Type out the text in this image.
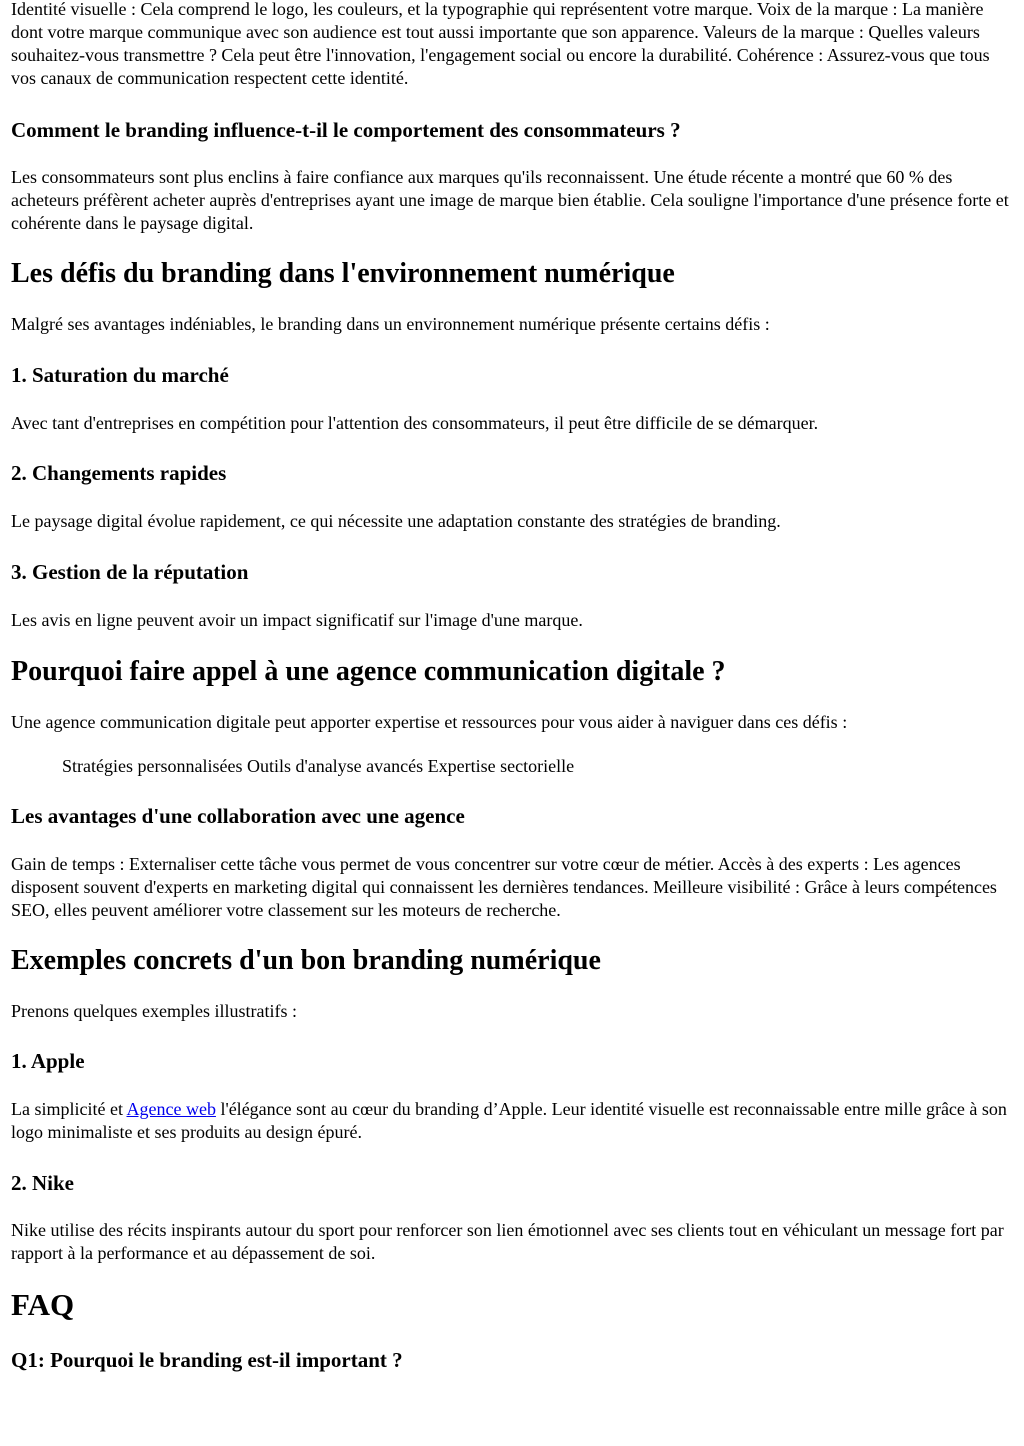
Identité visuelle : Cela comprend le logo, les couleurs, et la typographie qui représentent votre marque. Voix de la marque : La manière dont votre marque communique avec son audience est tout aussi importante que son apparence. Valeurs de la marque : Quelles valeurs souhaitez-vous transmettre ? Cela peut être l'innovation, l'engagement social ou encore la durabilité. Cohérence : Assurez-vous que tous vos canaux de communication respectent cette identité.

Comment le branding influence-t-il le comportement des consommateurs ?

Les consommateurs sont plus enclins à faire confiance aux marques qu'ils reconnaissent. Une étude récente a montré que 60 % des acheteurs préfèrent acheter auprès d'entreprises ayant une image de marque bien établie. Cela souligne l'importance d'une présence forte et cohérente dans le paysage digital.

Les défis du branding dans l'environnement numérique

Malgré ses avantages indéniables, le branding dans un environnement numérique présente certains défis :

1. Saturation du marché

Avec tant d'entreprises en compétition pour l'attention des consommateurs, il peut être difficile de se démarquer.

2. Changements rapides

Le paysage digital évolue rapidement, ce qui nécessite une adaptation constante des stratégies de branding.

3. Gestion de la réputation

Les avis en ligne peuvent avoir un impact significatif sur l'image d'une marque.

Pourquoi faire appel à une agence communication digitale ?

Une agence communication digitale peut apporter expertise et ressources pour vous aider à naviguer dans ces défis :

Stratégies personnalisées Outils d'analyse avancés Expertise sectorielle

Les avantages d'une collaboration avec une agence

Gain de temps : Externaliser cette tâche vous permet de vous concentrer sur votre cœur de métier. Accès à des experts : Les agences disposent souvent d'experts en marketing digital qui connaissent les dernières tendances. Meilleure visibilité : Grâce à leurs compétences SEO, elles peuvent améliorer votre classement sur les moteurs de recherche.

Exemples concrets d'un bon branding numérique

Prenons quelques exemples illustratifs :

1. Apple

La simplicité et Agence web l'élégance sont au cœur du branding d’Apple. Leur identité visuelle est reconnaissable entre mille grâce à son logo minimaliste et ses produits au design épuré.

2. Nike

Nike utilise des récits inspirants autour du sport pour renforcer son lien émotionnel avec ses clients tout en véhiculant un message fort par rapport à la performance et au dépassement de soi.

FAQ
Q1: Pourquoi le branding est-il important ?
